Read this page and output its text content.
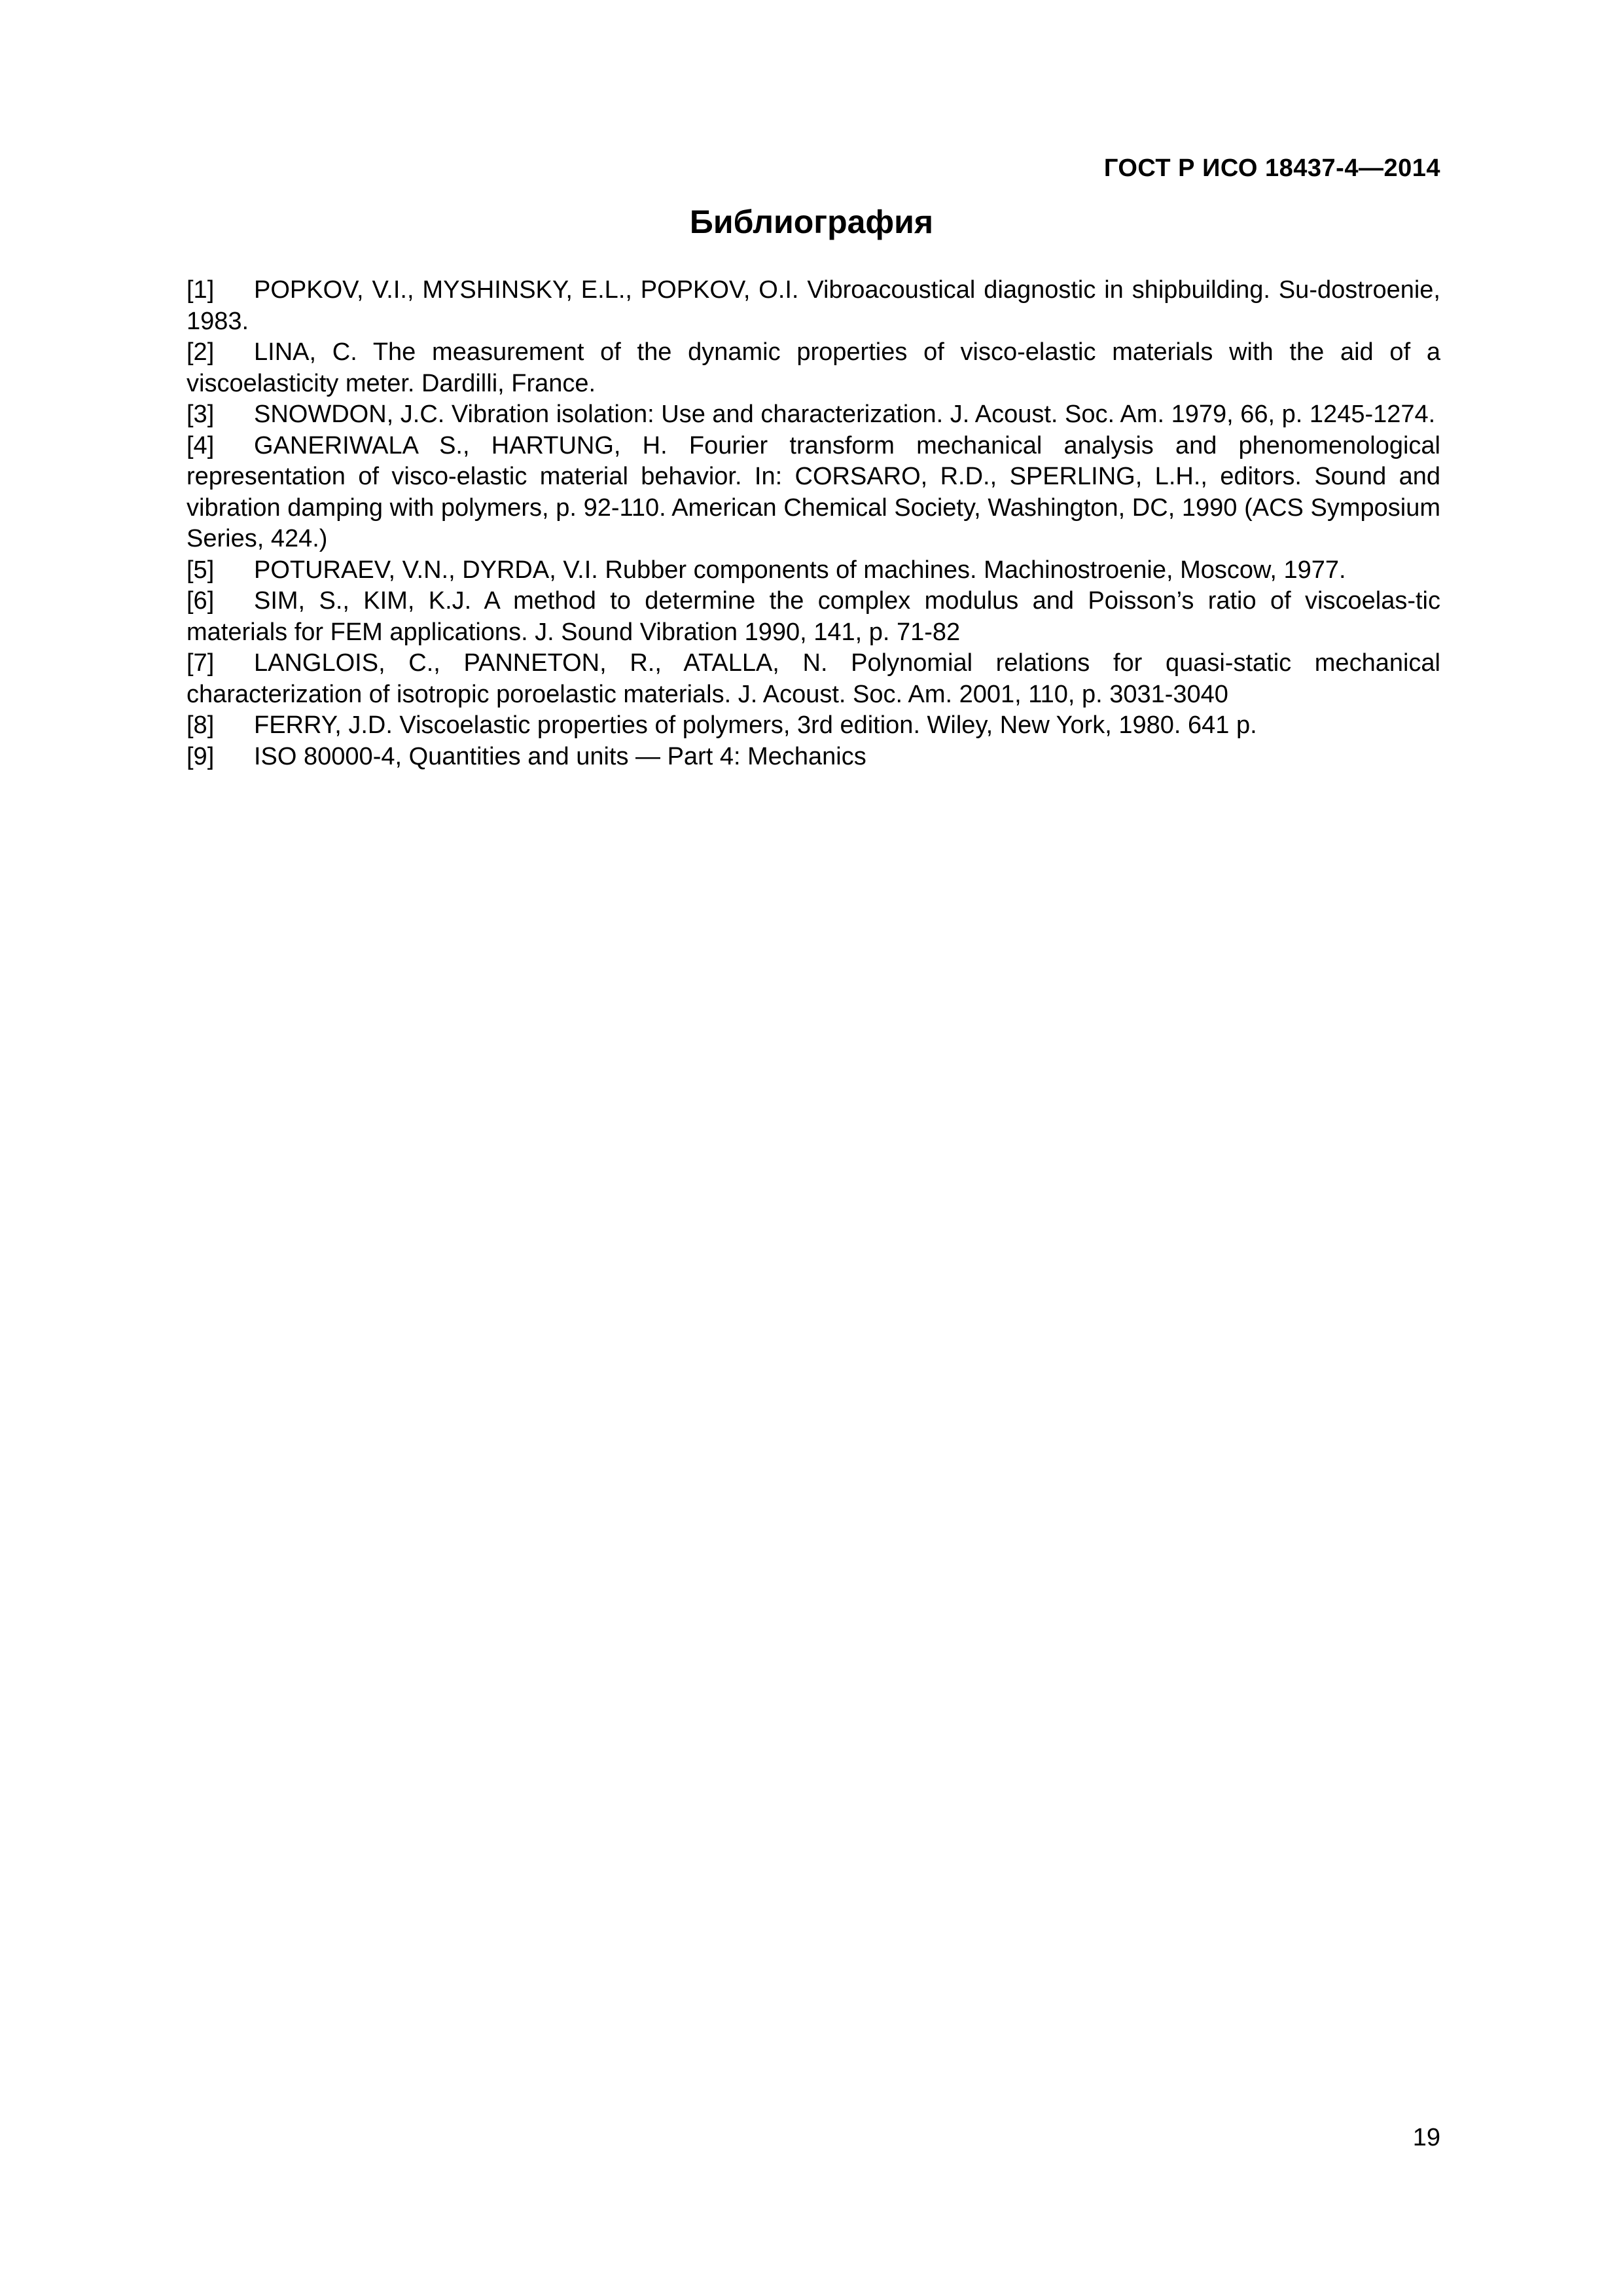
ГОСТ Р ИСО 18437-4—2014
Библиография

[1] POPKOV, V.I., MYSHINSKY, E.L., POPKOV, O.I. Vibroacoustical diagnostic in shipbuilding. Su-dostroenie, 1983.

[2] LINA, C. The measurement of the dynamic properties of visco-elastic materials with the aid of a viscoelasticity meter. Dardilli, France.

[3] SNOWDON, J.C. Vibration isolation: Use and characterization. J. Acoust. Soc. Am. 1979, 66, p. 1245-1274.

[4] GANERIWALA S., HARTUNG, H. Fourier transform mechanical analysis and phenomenological representation of visco-elastic material behavior. In: CORSARO, R.D., SPERLING, L.H., editors. Sound and vibration damping with polymers, p. 92-110. American Chemical Society, Washington, DC, 1990 (ACS Symposium Series, 424.)

[5] POTURAEV, V.N., DYRDA, V.I. Rubber components of machines. Machinostroenie, Moscow, 1977.

[6] SIM, S., KIM, K.J. A method to determine the complex modulus and Poisson’s ratio of viscoelas-tic materials for FEM applications. J. Sound Vibration 1990, 141, p. 71-82

[7] LANGLOIS, C., PANNETON, R., ATALLA, N. Polynomial relations for quasi-static mechanical characterization of isotropic poroelastic materials. J. Acoust. Soc. Am. 2001, 110, p. 3031-3040

[8] FERRY, J.D. Viscoelastic properties of polymers, 3rd edition. Wiley, New York, 1980. 641 p.

[9] ISO 80000-4, Quantities and units — Part 4: Mechanics

19
